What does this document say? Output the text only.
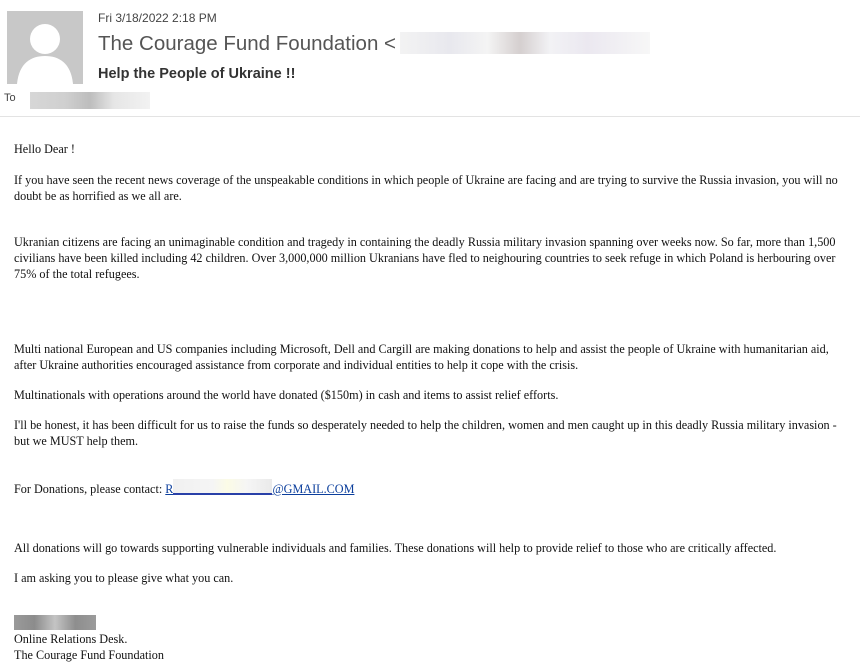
Fri 3/18/2022 2:18 PM
The Courage Fund Foundation <
Help the People of Ukraine !!
To

Hello Dear !

If you have seen the recent news coverage of the unspeakable conditions in which people of Ukraine are facing and are trying to survive the Russia invasion, you will no doubt be as horrified as we all are.

Ukranian citizens are facing an unimaginable condition and tragedy in containing the deadly Russia military invasion spanning over weeks now. So far, more than 1,500 civilians have been killed including 42 children. Over 3,000,000 million Ukranians have fled to neighouring countries to seek refuge in which Poland is herbouring over 75% of the total refugees.

Multi national European and US companies including Microsoft, Dell and Cargill are making donations to help and assist the people of Ukraine with humanitarian aid, after Ukraine authorities encouraged assistance from corporate and individual entities to help it cope with the crisis.

Multinationals with operations around the world have donated ($150m) in cash and items to assist relief efforts.

I'll be honest, it has been difficult for us to raise the funds so desperately needed to help the children, women and men caught up in this deadly Russia military invasion - but we MUST help them.

For Donations, please contact: R	@GMAIL.COM

All donations will go towards supporting vulnerable individuals and families. These donations will help to provide relief to those who are critically affected.

I am asking you to please give what you can.

Online Relations Desk.

The Courage Fund Foundation
